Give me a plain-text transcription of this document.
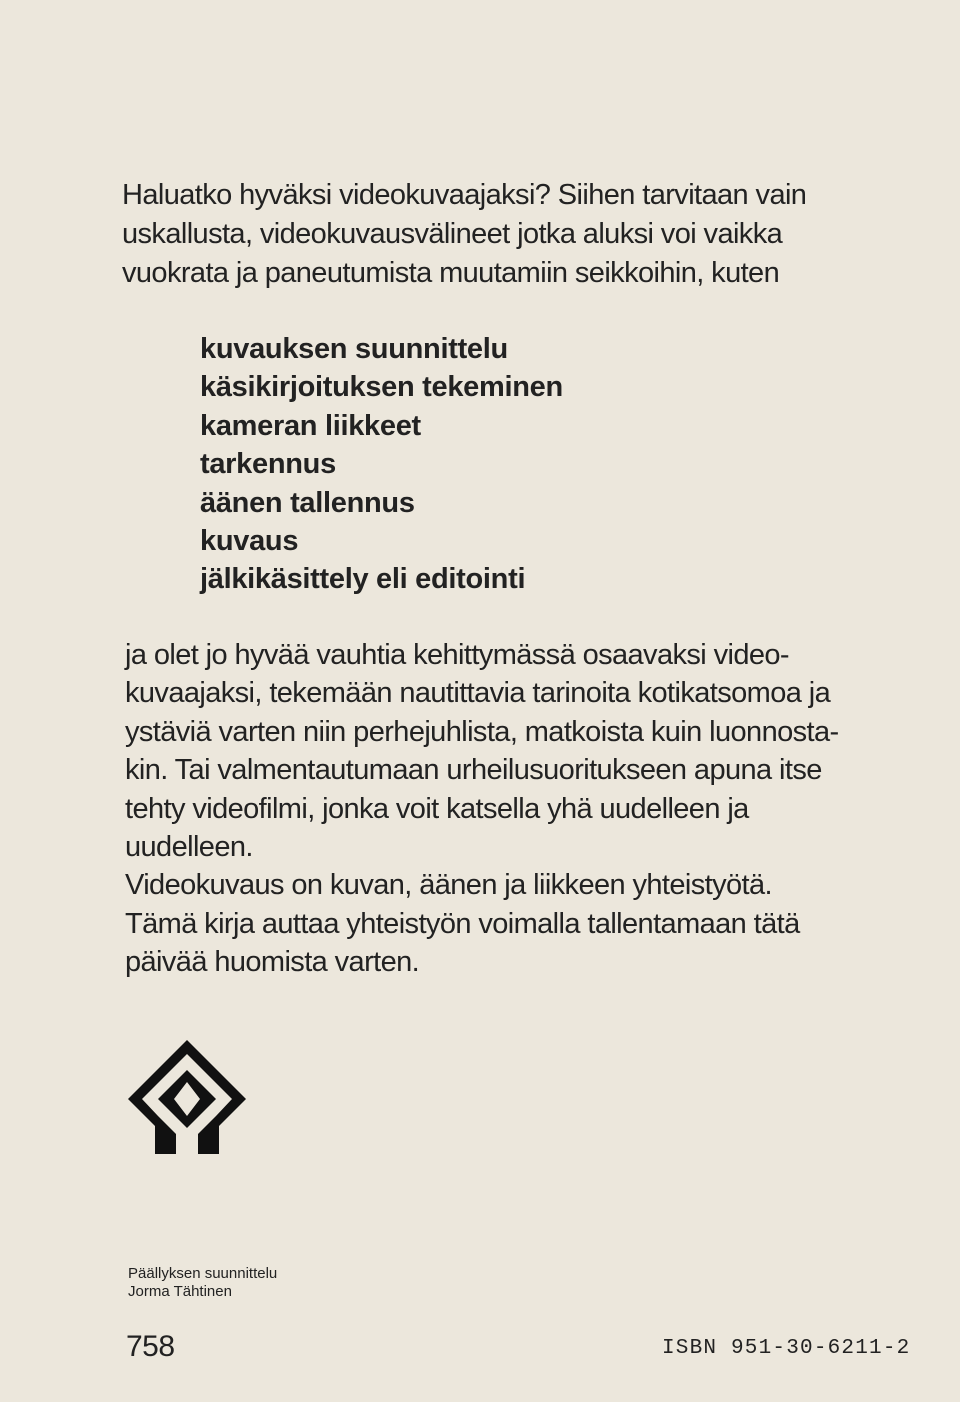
Haluatko hyväksi videokuvaajaksi? Siihen tarvitaan vain

uskallusta, videokuvausvälineet jotka aluksi voi vaikka

vuokrata ja paneutumista muutamiin seikkoihin, kuten

kuvauksen suunnittelu
käsikirjoituksen tekeminen
kameran liikkeet
tarkennus
äänen tallennus
kuvaus
jälkikäsittely eli editointi

ja olet jo hyvää vauhtia kehittymässä osaavaksi video-

kuvaajaksi, tekemään nautittavia tarinoita kotikatsomoa ja

ystäviä varten niin perhejuhlista, matkoista kuin luonnosta-

kin. Tai valmentautumaan urheilusuoritukseen apuna itse

tehty videofilmi, jonka voit katsella yhä uudelleen ja

uudelleen.

Videokuvaus on kuvan, äänen ja liikkeen yhteistyötä.

Tämä kirja auttaa yhteistyön voimalla tallentamaan tätä

päivää huomista varten.

Päällyksen suunnittelu
Jorma Tähtinen
758	ISBN 951-30-6211-2
